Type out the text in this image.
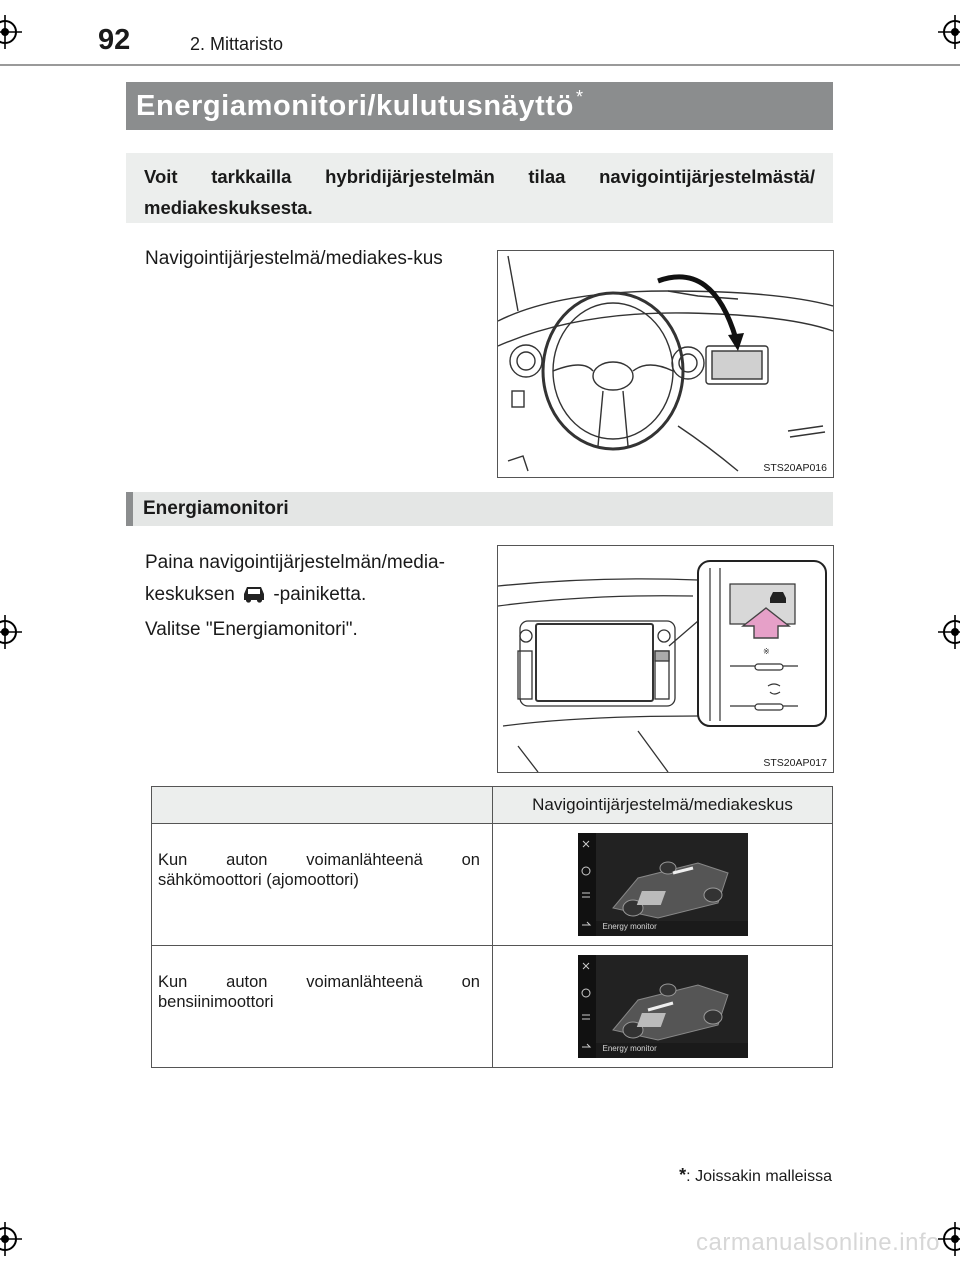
92	2. Mittaristo
Energiamonitori/kulutusnäyttö *
Voit tarkkailla hybridijärjestelmän tilaa navigointijärjestelmästä/ mediakeskuksesta.
Navigointijärjestelmä/mediakes-kus
STS20AP016
Energiamonitori
Paina navigointijärjestelmän/media-keskuksen  -painiketta.
Valitse "Energiamonitori".
※
STS20AP017
	Navigointijärjestelmä/mediakeskus
Kun auton voimanlähteenä on sähkömoottori (ajomoottori)	Energy monitor

Kun auton voimanlähteenä on bensiinimoottori	Energy monitor
*: Joissakin malleissa
carmanualsonline.info
